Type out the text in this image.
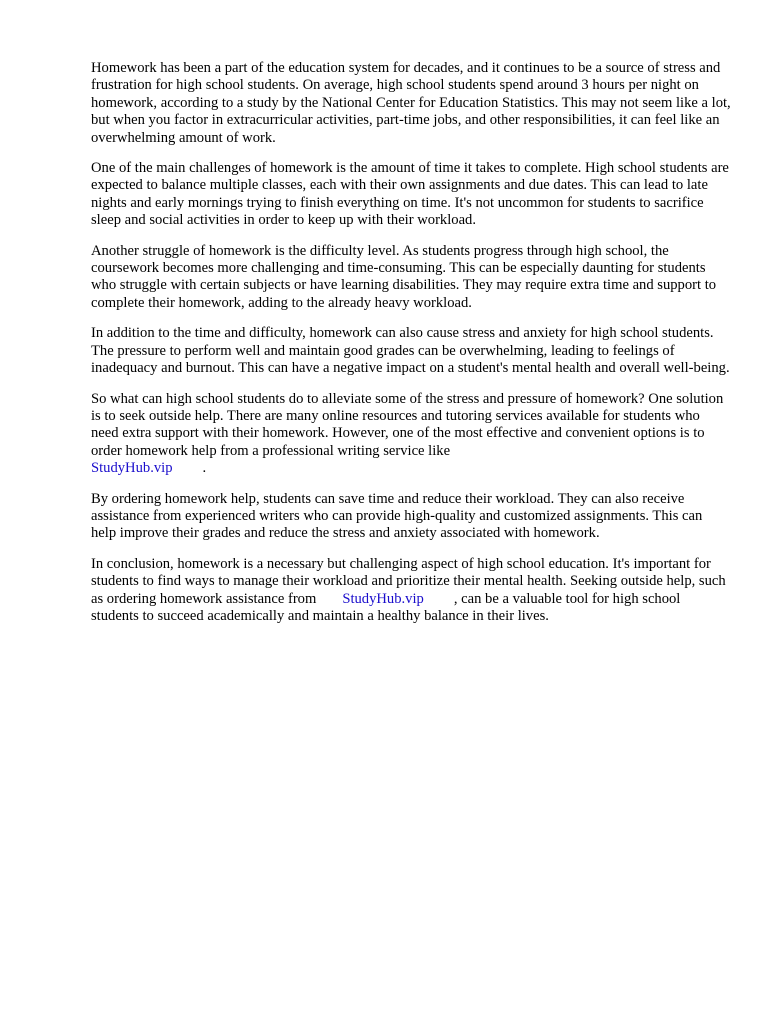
Homework has been a part of the education system for decades, and it continues to be a source of stress and frustration for high school students. On average, high school students spend around 3 hours per night on homework, according to a study by the National Center for Education Statistics. This may not seem like a lot, but when you factor in extracurricular activities, part-time jobs, and other responsibilities, it can feel like an overwhelming amount of work.

One of the main challenges of homework is the amount of time it takes to complete. High school students are expected to balance multiple classes, each with their own assignments and due dates. This can lead to late nights and early mornings trying to finish everything on time. It's not uncommon for students to sacrifice sleep and social activities in order to keep up with their workload.

Another struggle of homework is the difficulty level. As students progress through high school, the coursework becomes more challenging and time-consuming. This can be especially daunting for students who struggle with certain subjects or have learning disabilities. They may require extra time and support to complete their homework, adding to the already heavy workload.

In addition to the time and difficulty, homework can also cause stress and anxiety for high school students. The pressure to perform well and maintain good grades can be overwhelming, leading to feelings of inadequacy and burnout. This can have a negative impact on a student's mental health and overall well-being.

So what can high school students do to alleviate some of the stress and pressure of homework? One solution is to seek outside help. There are many online resources and tutoring services available for students who need extra support with their homework. However, one of the most effective and convenient options is to order homework help from a professional writing service like
StudyHub.vip .

By ordering homework help, students can save time and reduce their workload. They can also receive assistance from experienced writers who can provide high-quality and customized assignments. This can help improve their grades and reduce the stress and anxiety associated with homework.

In conclusion, homework is a necessary but challenging aspect of high school education. It's important for students to find ways to manage their workload and prioritize their mental health. Seeking outside help, such as ordering homework assistance from StudyHub.vip , can be a valuable tool for high school students to succeed academically and maintain a healthy balance in their lives.
